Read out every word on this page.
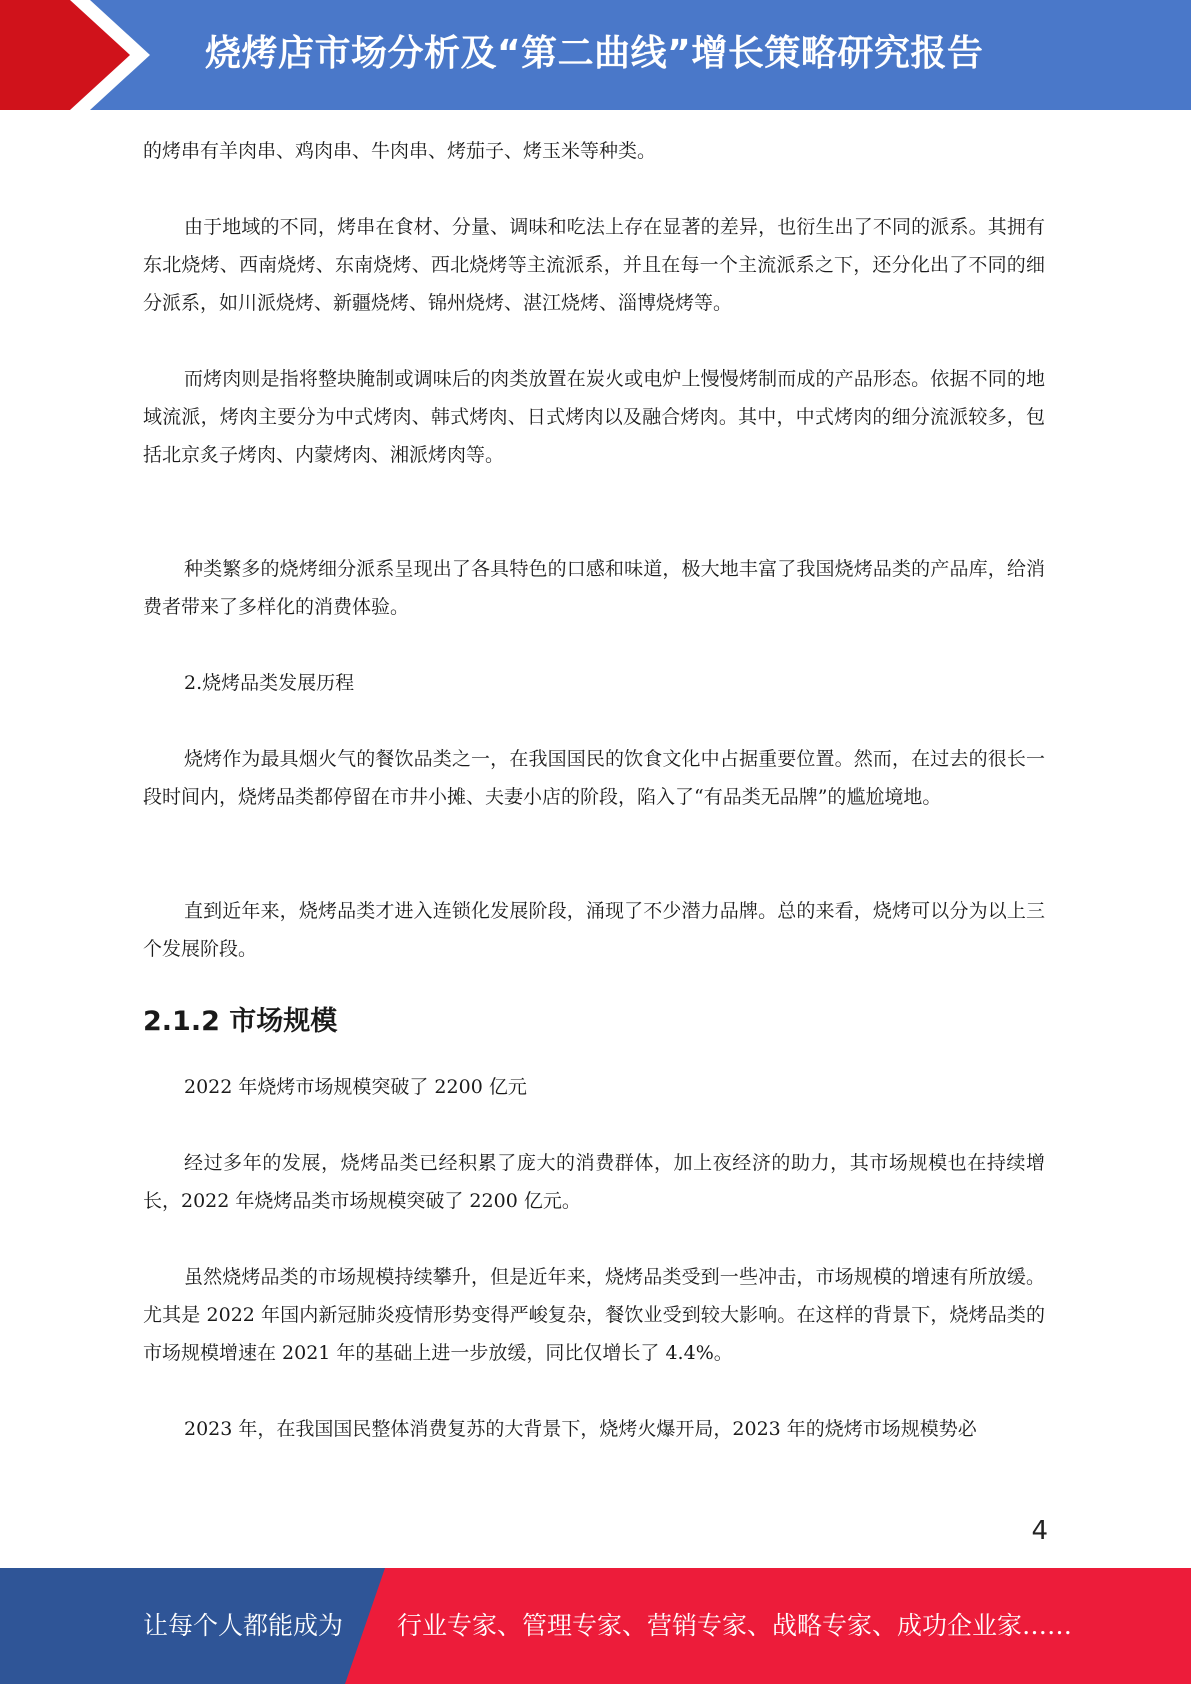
烧烤店市场分析及“第二曲线”增长策略研究报告

的烤串有羊肉串、鸡肉串、牛肉串、烤茄子、烤玉米等种类。

由于地域的不同，烤串在食材、分量、调味和吃法上存在显著的差异，也衍生出了不同的派系。其拥有东北烧烤、西南烧烤、东南烧烤、西北烧烤等主流派系，并且在每一个主流派系之下，还分化出了不同的细分派系，如川派烧烤、新疆烧烤、锦州烧烤、湛江烧烤、淄博烧烤等。

而烤肉则是指将整块腌制或调味后的肉类放置在炭火或电炉上慢慢烤制而成的产品形态。依据不同的地域流派，烤肉主要分为中式烤肉、韩式烤肉、日式烤肉以及融合烤肉。其中，中式烤肉的细分流派较多，包括北京炙子烤肉、内蒙烤肉、湘派烤肉等。

种类繁多的烧烤细分派系呈现出了各具特色的口感和味道，极大地丰富了我国烧烤品类的产品库，给消费者带来了多样化的消费体验。

2.烧烤品类发展历程

烧烤作为最具烟火气的餐饮品类之一，在我国国民的饮食文化中占据重要位置。然而，在过去的很长一段时间内，烧烤品类都停留在市井小摊、夫妻小店的阶段，陷入了“有品类无品牌”的尴尬境地。

直到近年来，烧烤品类才进入连锁化发展阶段，涌现了不少潜力品牌。总的来看，烧烤可以分为以上三个发展阶段。

2.1.2 市场规模

2022 年烧烤市场规模突破了 2200 亿元

经过多年的发展，烧烤品类已经积累了庞大的消费群体，加上夜经济的助力，其市场规模也在持续增长，2022 年烧烤品类市场规模突破了 2200 亿元。

虽然烧烤品类的市场规模持续攀升，但是近年来，烧烤品类受到一些冲击，市场规模的增速有所放缓。尤其是 2022 年国内新冠肺炎疫情形势变得严峻复杂，餐饮业受到较大影响。在这样的背景下，烧烤品类的市场规模增速在 2021 年的基础上进一步放缓，同比仅增长了 4.4%。

2023 年，在我国国民整体消费复苏的大背景下，烧烤火爆开局，2023 年的烧烤市场规模势必

4
让每个人都能成为 行业专家、管理专家、营销专家、战略专家、成功企业家……
